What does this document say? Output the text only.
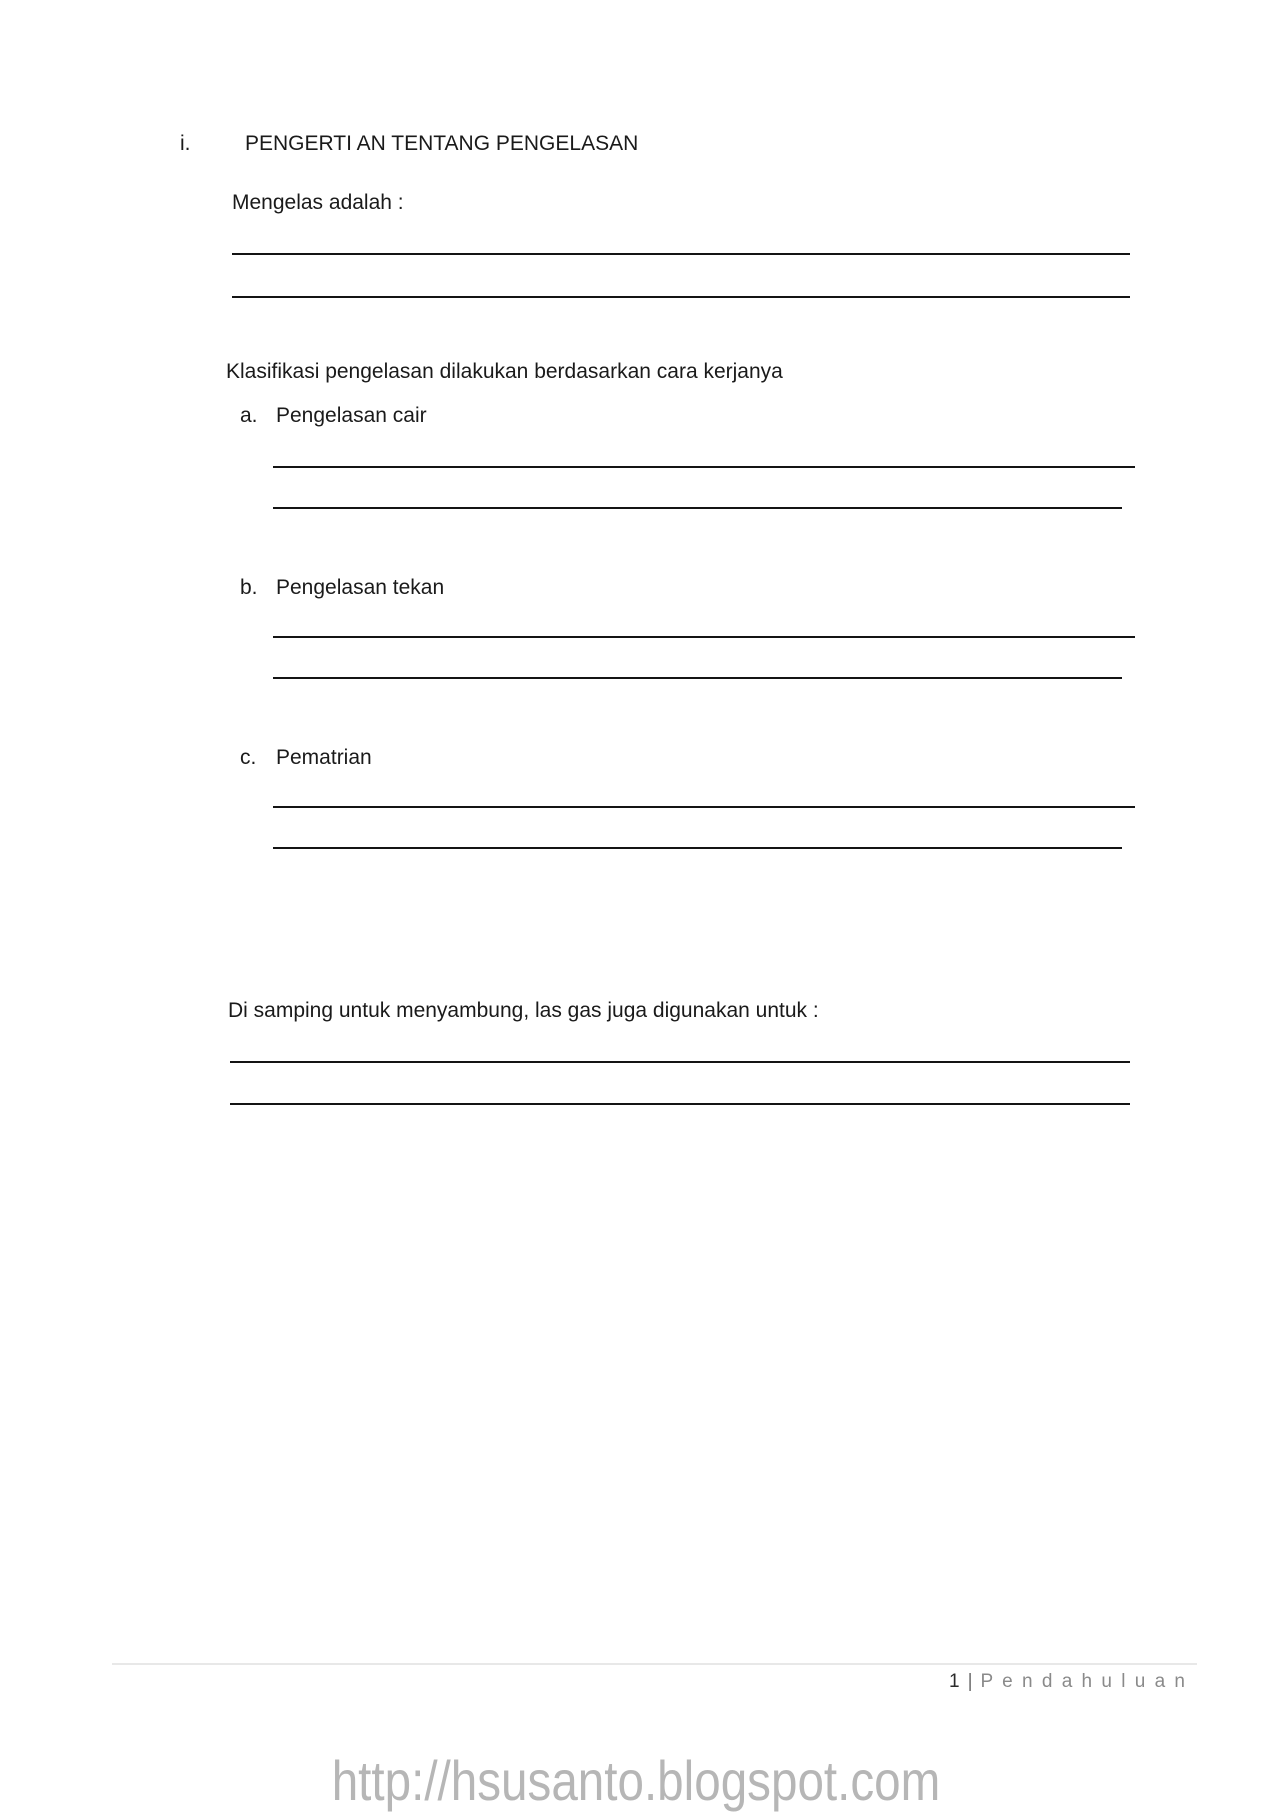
i.	PENGERTI AN TENTANG PENGELASAN
Mengelas adalah :
Klasifikasi pengelasan dilakukan berdasarkan cara kerjanya
a. Pengelasan cair
b. Pengelasan tekan
c. Pematrian
Di samping untuk menyambung, las gas juga digunakan untuk :
1 | P e n d a h u l u a n
http://hsusanto.blogspot.com
